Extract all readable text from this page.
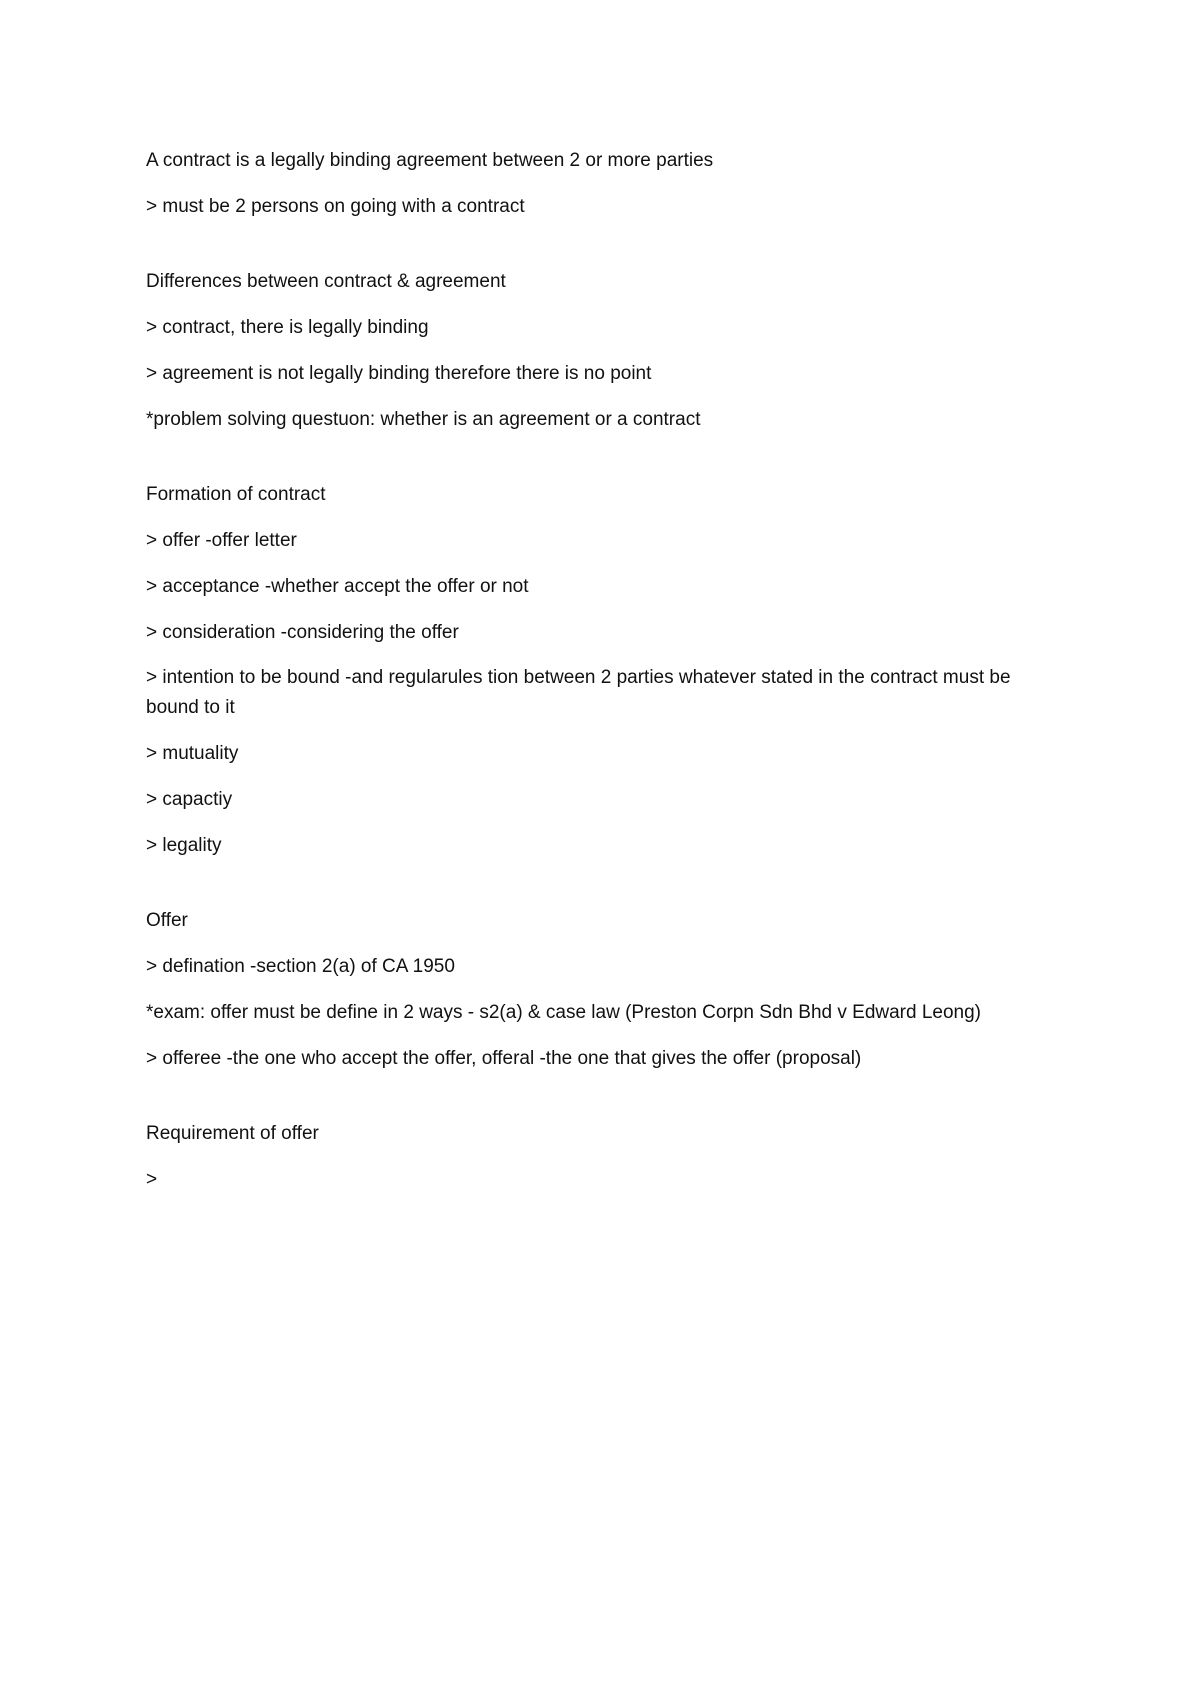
A contract is a legally binding agreement between 2 or more parties
> must be 2 persons on going with a contract
Differences between contract & agreement
> contract, there is legally binding
> agreement is not legally binding therefore there is no point
*problem solving questuon: whether is an agreement or a contract
Formation of contract
> offer -offer letter
> acceptance -whether accept the offer or not
> consideration -considering the offer
> intention to be bound -and regularules tion between 2 parties whatever stated in the contract must be bound to it
> mutuality
> capactiy
> legality
Offer
> defination -section 2(a) of CA 1950
*exam: offer must be define in 2 ways - s2(a) & case law (Preston Corpn Sdn Bhd v Edward Leong)
> offeree -the one who accept the offer, offeral -the one that gives the offer (proposal)
Requirement of offer
>
